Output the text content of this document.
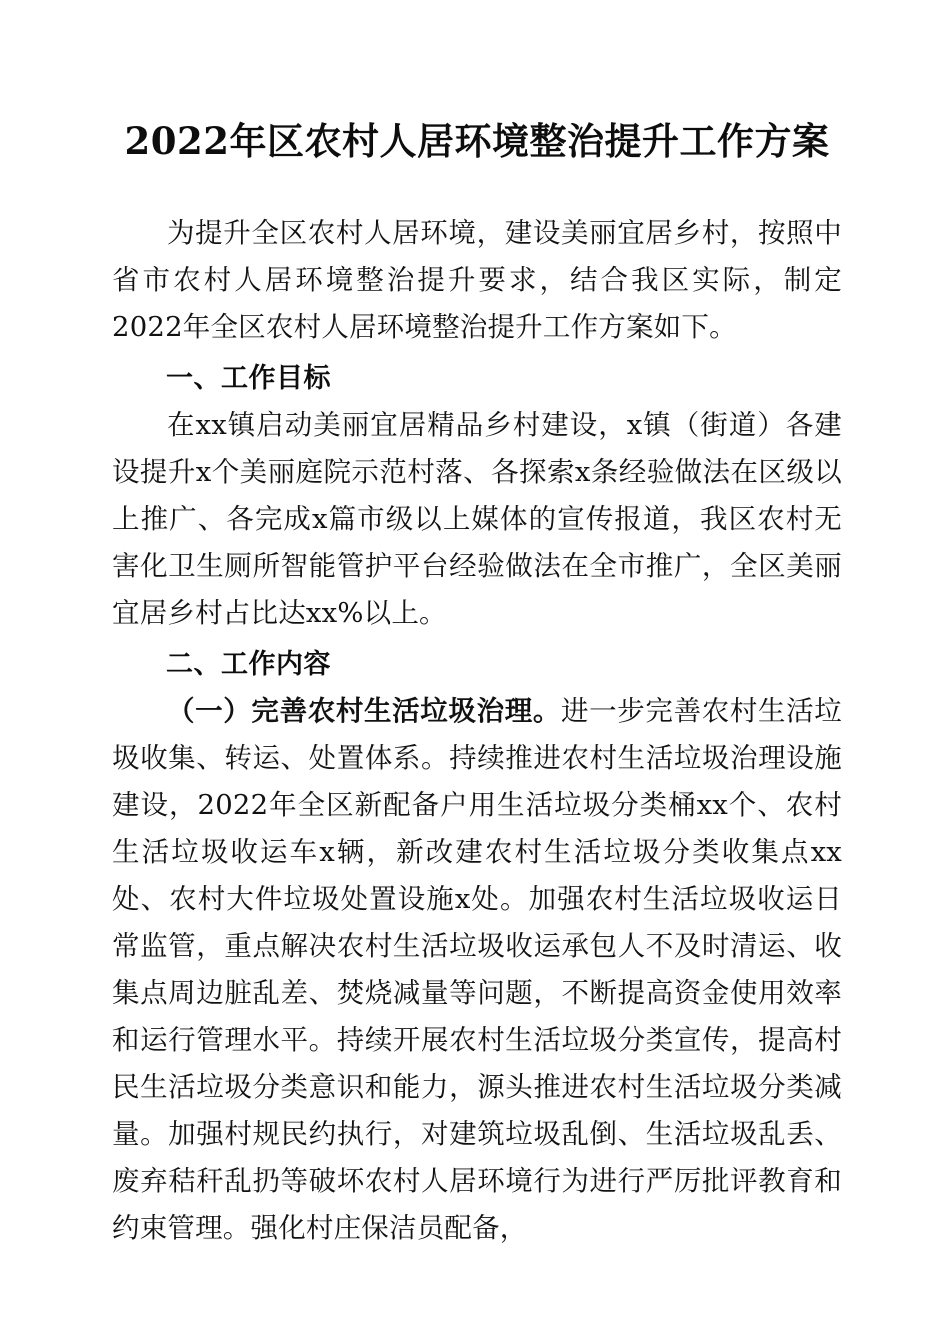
2022年区农村人居环境整治提升工作方案

为提升全区农村人居环境，建设美丽宜居乡村，按照中省市农村人居环境整治提升要求，结合我区实际，制定2022年全区农村人居环境整治提升工作方案如下。

一、工作目标

在xx镇启动美丽宜居精品乡村建设，x镇（街道）各建设提升x个美丽庭院示范村落、各探索x条经验做法在区级以上推广、各完成x篇市级以上媒体的宣传报道，我区农村无害化卫生厕所智能管护平台经验做法在全市推广，全区美丽宜居乡村占比达xx%以上。

二、工作内容

（一）完善农村生活垃圾治理。进一步完善农村生活垃圾收集、转运、处置体系。持续推进农村生活垃圾治理设施建设，2022年全区新配备户用生活垃圾分类桶xx个、农村生活垃圾收运车x辆，新改建农村生活垃圾分类收集点xx处、农村大件垃圾处置设施x处。加强农村生活垃圾收运日常监管，重点解决农村生活垃圾收运承包人不及时清运、收集点周边脏乱差、焚烧减量等问题，不断提高资金使用效率和运行管理水平。持续开展农村生活垃圾分类宣传，提高村民生活垃圾分类意识和能力，源头推进农村生活垃圾分类减量。加强村规民约执行，对建筑垃圾乱倒、生活垃圾乱丢、废弃秸秆乱扔等破坏农村人居环境行为进行严厉批评教育和约束管理。强化村庄保洁员配备，
